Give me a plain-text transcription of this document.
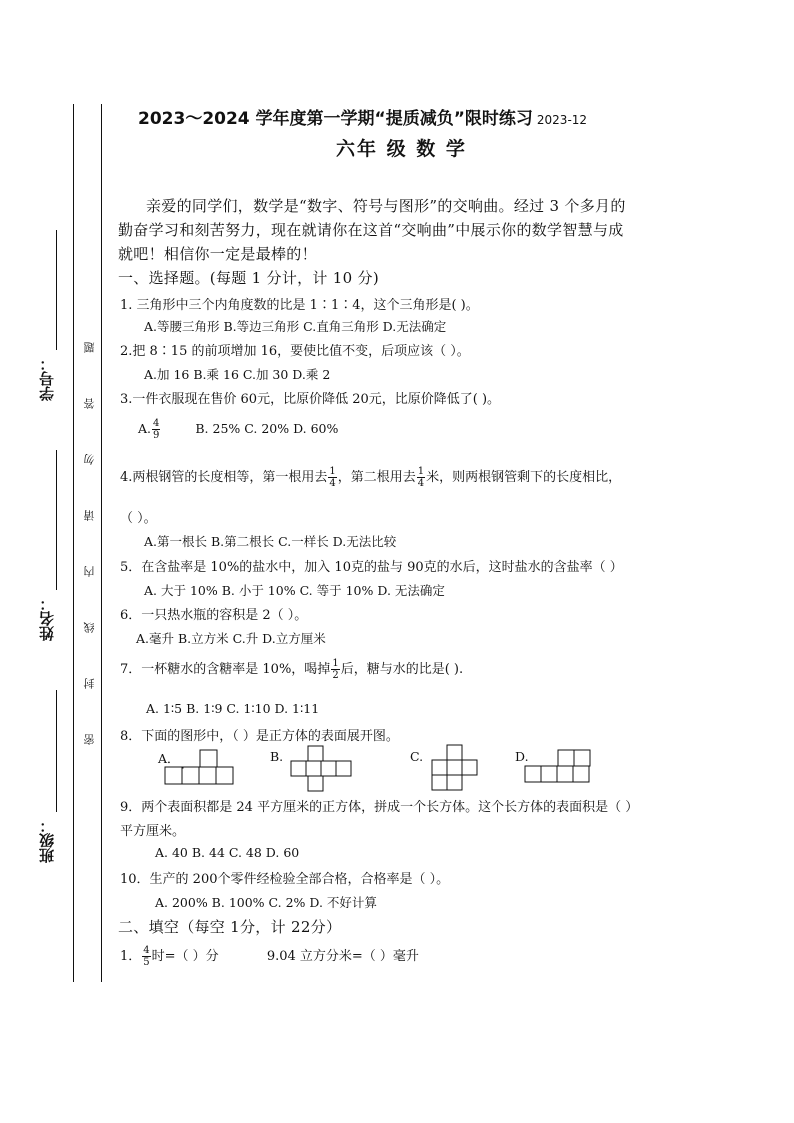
学号：
姓名：
班级：
题
答
勿
请
内
线
封
密
2023～2024 学年度第一学期“提质减负”限时练习 2023-12
六年 级 数 学
亲爱的同学们，数学是“数字、符号与图形”的交响曲。经过 3 个多月的
勤奋学习和刻苦努力，现在就请你在这首“交响曲”中展示你的数学智慧与成
就吧！相信你一定是最棒的！
一、选择题。(每题 1 分计，计 10 分)
1. 三角形中三个内角度数的比是 1∶1∶4，这个三角形是( )。
A.等腰三角形 B.等边三角形 C.直角三角形 D.无法确定
2.把 8∶15 的前项增加 16，要使比值不变，后项应该（ ）。
A.加 16 B.乘 16 C.加 30 D.乘 2
3.一件衣服现在售价 60元，比原价降低 20元，比原价降低了( )。
A. $\frac{4}{9}$	B. 25% C. 20% D. 60%
4.两根钢管的长度相等，第一根用去 $\frac{1}{4}$ ，第二根用去 $\frac{1}{4}$ 米，则两根钢管剩下的长度相比，
（ ）。
A.第一根长 B.第二根长 C.一样长 D.无法比较
5．在含盐率是 10%的盐水中，加入 10克的盐与 90克的水后，这时盐水的含盐率（ ）
A. 大于 10% B. 小于 10% C. 等于 10% D. 无法确定
6．一只热水瓶的容积是 2（ ）。
A.毫升 B.立方米 C.升 D.立方厘米
7．一杯糖水的含糖率是 10%，喝掉 $\frac{1}{2}$ 后，糖与水的比是( ).
A. 1∶5 B. 1∶9 C. 1∶10 D. 1∶11
8．下面的图形中，（ ）是正方体的表面展开图。
A．	B.	C.	D.
9．两个表面积都是 24 平方厘米的正方体，拼成一个长方体。这个长方体的表面积是（ ）
平方厘米。
A. 40 B. 44 C. 48 D. 60
10．生产的 200个零件经检验全部合格，合格率是（ ）。
A. 200% B. 100% C. 2% D. 不好计算
二、填空（每空 1分，计 22分）
1． $\frac{4}{5}$ 时=（ ）分	9.04 立方分米=（ ）毫升
